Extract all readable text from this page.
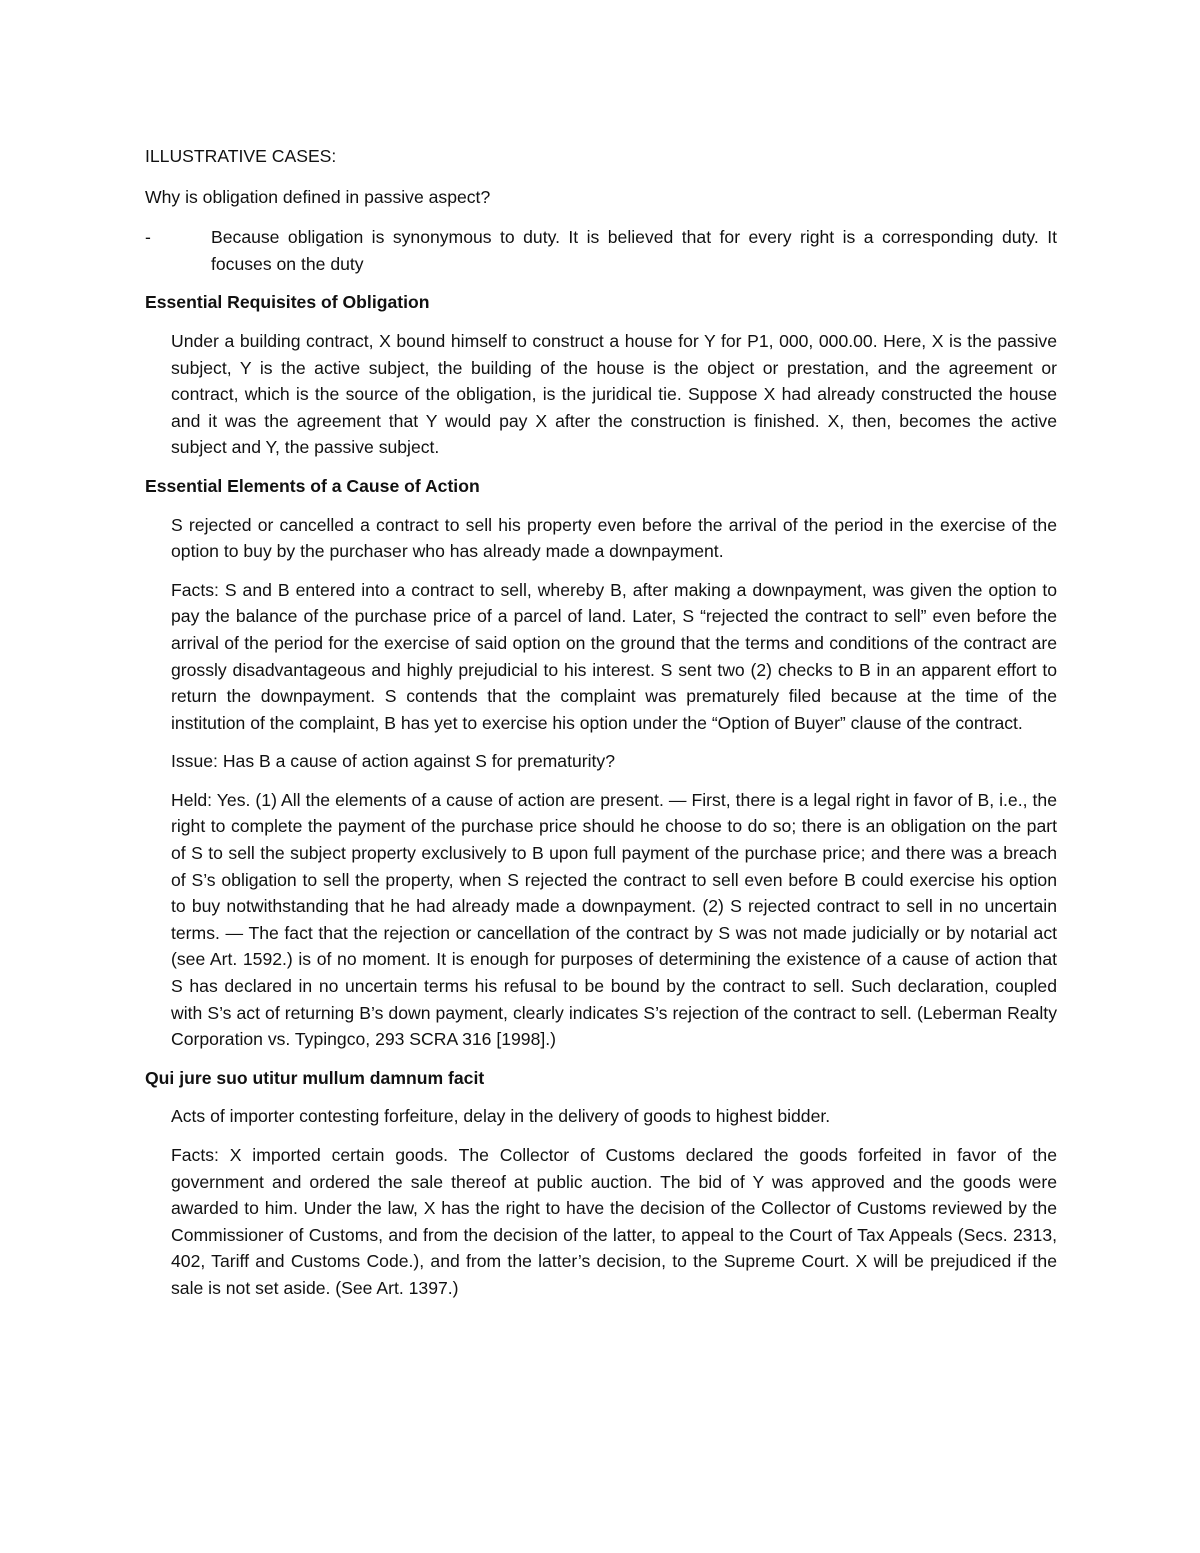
ILLUSTRATIVE CASES:

Why is obligation defined in passive aspect?

-	Because obligation is synonymous to duty. It is believed that for every right is a corresponding duty. It focuses on the duty

Essential Requisites of Obligation

Under a building contract, X bound himself to construct a house for Y for P1, 000, 000.00. Here, X is the passive subject, Y is the active subject, the building of the house is the object or prestation, and the agreement or contract, which is the source of the obligation, is the juridical tie. Suppose X had already constructed the house and it was the agreement that Y would pay X after the construction is finished. X, then, becomes the active subject and Y, the passive subject.

Essential Elements of a Cause of Action

S rejected or cancelled a contract to sell his property even before the arrival of the period in the exercise of the option to buy by the purchaser who has already made a downpayment.

Facts: S and B entered into a contract to sell, whereby B, after making a downpayment, was given the option to pay the balance of the purchase price of a parcel of land. Later, S “rejected the contract to sell” even before the arrival of the period for the exercise of said option on the ground that the terms and conditions of the contract are grossly disadvantageous and highly prejudicial to his interest. S sent two (2) checks to B in an apparent effort to return the downpayment. S contends that the complaint was prematurely filed because at the time of the institution of the complaint, B has yet to exercise his option under the “Option of Buyer” clause of the contract.

Issue: Has B a cause of action against S for prematurity?

Held: Yes. (1) All the elements of a cause of action are present. — First, there is a legal right in favor of B, i.e., the right to complete the payment of the purchase price should he choose to do so; there is an obligation on the part of S to sell the subject property exclusively to B upon full payment of the purchase price; and there was a breach of S’s obligation to sell the property, when S rejected the contract to sell even before B could exercise his option to buy notwithstanding that he had already made a downpayment. (2) S rejected contract to sell in no uncertain terms. — The fact that the rejection or cancellation of the contract by S was not made judicially or by notarial act (see Art. 1592.) is of no moment. It is enough for purposes of determining the existence of a cause of action that S has declared in no uncertain terms his refusal to be bound by the contract to sell. Such declaration, coupled with S’s act of returning B’s down payment, clearly indicates S’s rejection of the contract to sell. (Leberman Realty Corporation vs. Typingco, 293 SCRA 316 [1998].)

Qui jure suo utitur mullum damnum facit

Acts of importer contesting forfeiture, delay in the delivery of goods to highest bidder.

Facts: X imported certain goods. The Collector of Customs declared the goods forfeited in favor of the government and ordered the sale thereof at public auction. The bid of Y was approved and the goods were awarded to him. Under the law, X has the right to have the decision of the Collector of Customs reviewed by the Commissioner of Customs, and from the decision of the latter, to appeal to the Court of Tax Appeals (Secs. 2313, 402, Tariff and Customs Code.), and from the latter’s decision, to the Supreme Court. X will be prejudiced if the sale is not set aside. (See Art. 1397.)
